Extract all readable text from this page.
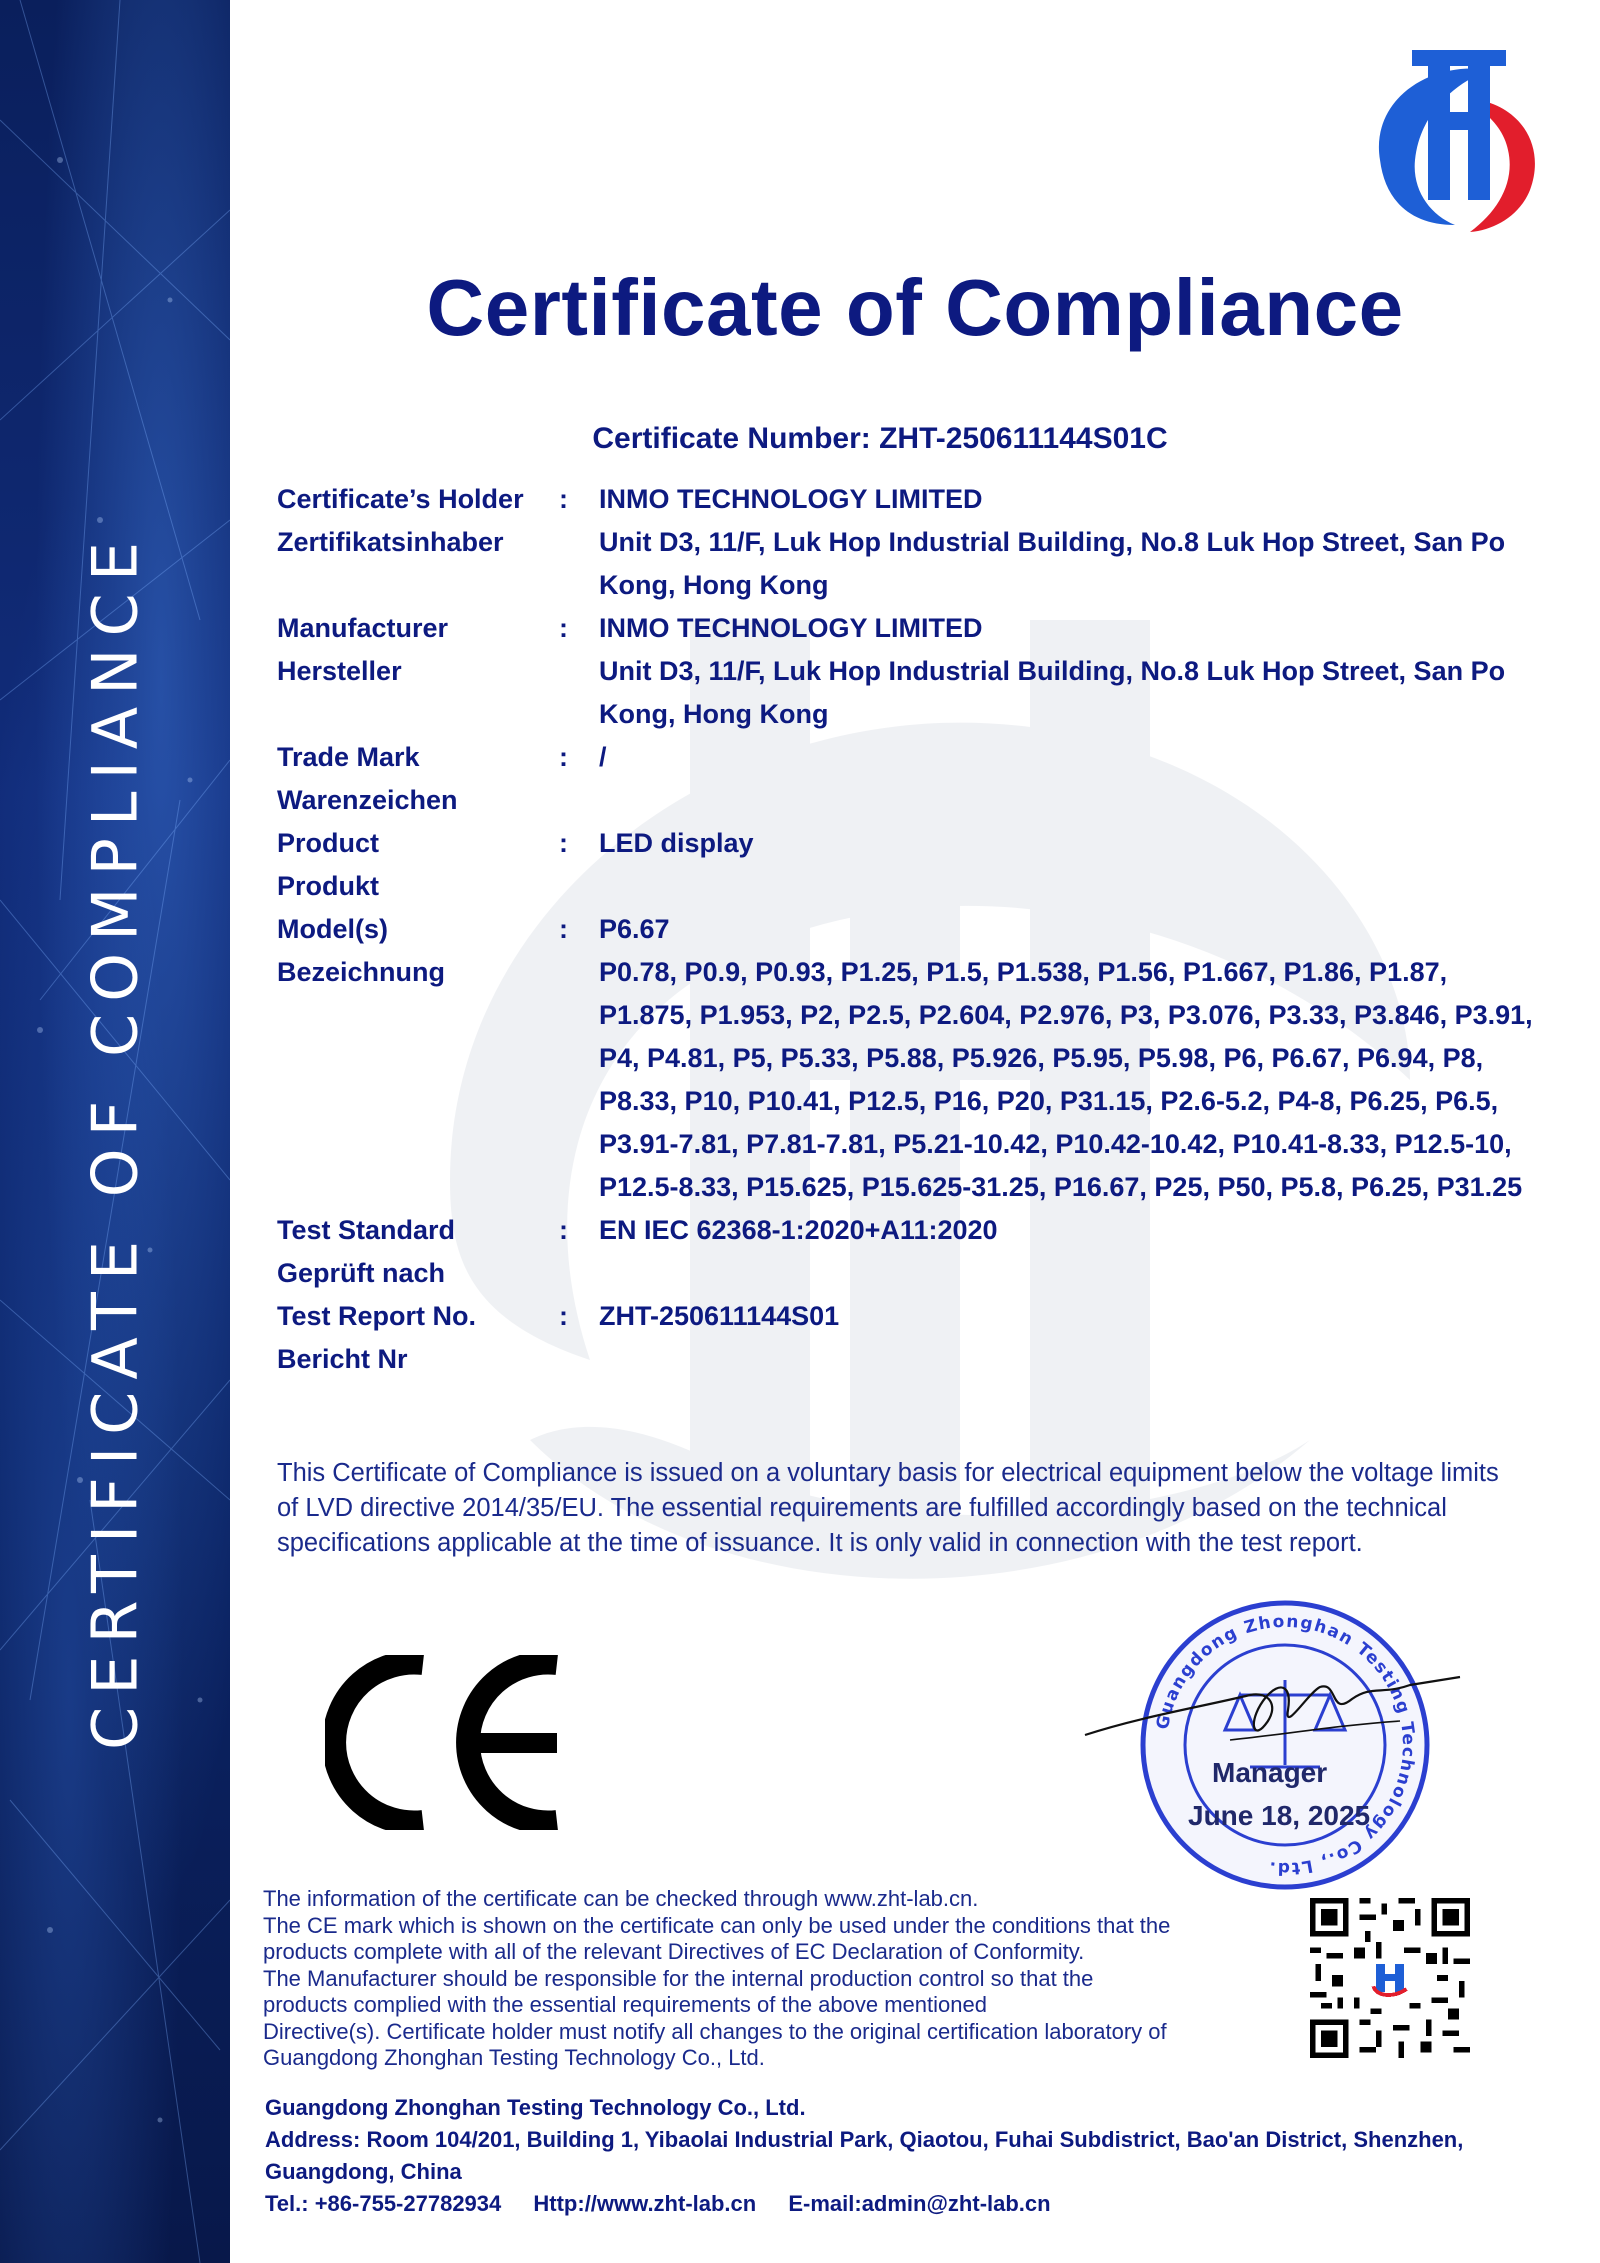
CERTIFICATE OF COMPLIANCE
Certificate of Compliance
Certificate Number: ZHT-250611144S01C
Certificate’s Holder	:	INMO TECHNOLOGY LIMITED
Zertifikatsinhaber	Unit D3, 11/F, Luk Hop Industrial Building, No.8 Luk Hop Street, San Po Kong, Hong Kong
Manufacturer	:	INMO TECHNOLOGY LIMITED
Hersteller	Unit D3, 11/F, Luk Hop Industrial Building, No.8 Luk Hop Street, San Po Kong, Hong Kong
Trade Mark	:	/
Warenzeichen
Product	:	LED display
Produkt
Model(s)	:	P6.67
Bezeichnung	P0.78, P0.9, P0.93, P1.25, P1.5, P1.538, P1.56, P1.667, P1.86, P1.87, P1.875, P1.953, P2, P2.5, P2.604, P2.976, P3, P3.076, P3.33, P3.846, P3.91, P4, P4.81, P5, P5.33, P5.88, P5.926, P5.95, P5.98, P6, P6.67, P6.94, P8, P8.33, P10, P10.41, P12.5, P16, P20, P31.15, P2.6-5.2, P4-8, P6.25, P6.5, P3.91-7.81, P7.81-7.81, P5.21-10.42, P10.42-10.42, P10.41-8.33, P12.5-10, P12.5-8.33, P15.625, P15.625-31.25, P16.67, P25, P50, P5.8, P6.25, P31.25
Test Standard	:	EN IEC 62368-1:2020+A11:2020
Geprüft nach
Test Report No.	:	ZHT-250611144S01
Bericht Nr
This Certificate of Compliance is issued on a voluntary basis for electrical equipment below the voltage limits of LVD directive 2014/35/EU. The essential requirements are fulfilled accordingly based on the technical specifications applicable at the time of issuance. It is only valid in connection with the test report.
Guangdong Zhonghan Testing Technology Co., Ltd.
Manager
June 18, 2025
The information of the certificate can be checked through www.zht-lab.cn.
The CE mark which is shown on the certificate can only be used under the conditions that the
products complete with all of the relevant Directives of EC Declaration of Conformity.
The Manufacturer should be responsible for the internal production control so that the
products complied with the essential requirements of the above mentioned
Directive(s). Certificate holder must notify all changes to the original certification laboratory of
Guangdong Zhonghan Testing Technology Co., Ltd.
Guangdong Zhonghan Testing Technology Co., Ltd.
Address: Room 104/201, Building 1, Yibaolai Industrial Park, Qiaotou, Fuhai Subdistrict, Bao'an District, Shenzhen,
Guangdong, China
Tel.: +86-755-27782934 Http://www.zht-lab.cn E-mail:admin@zht-lab.cn
